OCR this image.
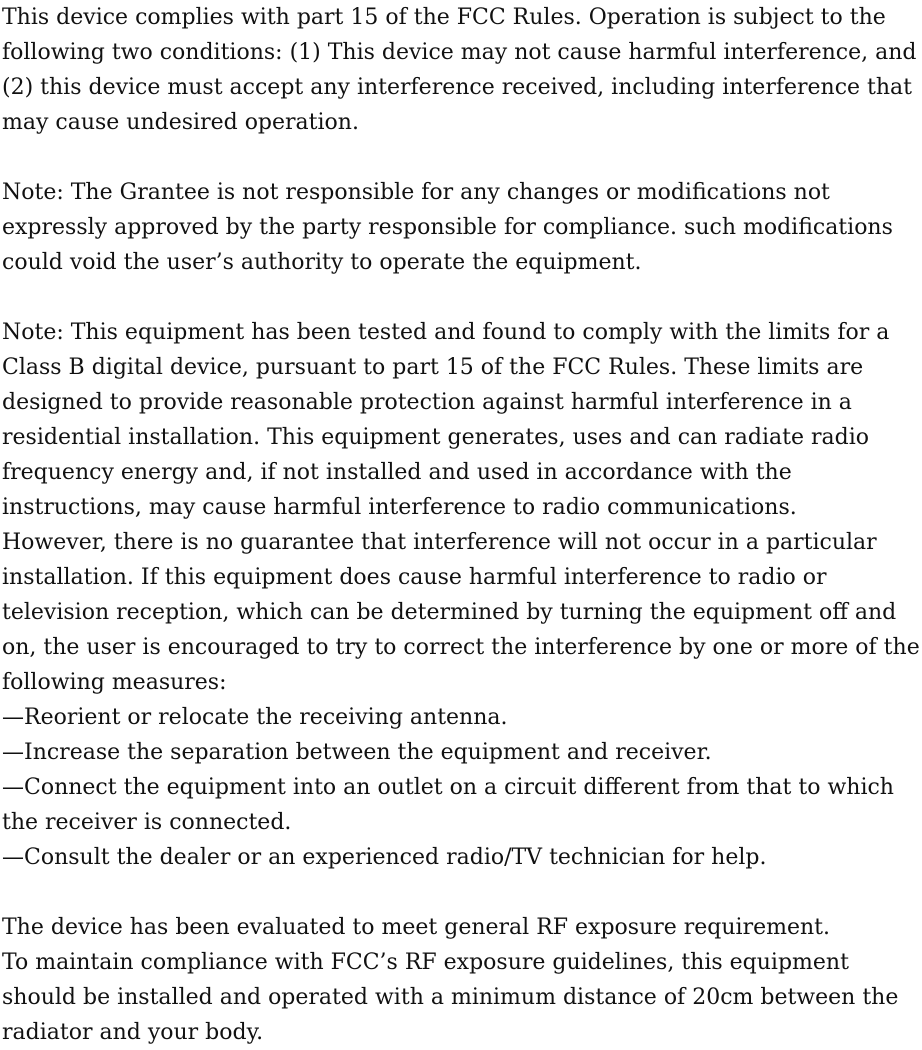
This device complies with part 15 of the FCC Rules. Operation is subject to the
following two conditions: (1) This device may not cause harmful interference, and
(2) this device must accept any interference received, including interference that
may cause undesired operation.
Note: The Grantee is not responsible for any changes or modifications not
expressly approved by the party responsible for compliance. such modifications
could void the user’s authority to operate the equipment.
Note: This equipment has been tested and found to comply with the limits for a
Class B digital device, pursuant to part 15 of the FCC Rules. These limits are
designed to provide reasonable protection against harmful interference in a
residential installation. This equipment generates, uses and can radiate radio
frequency energy and, if not installed and used in accordance with the
instructions, may cause harmful interference to radio communications.
However, there is no guarantee that interference will not occur in a particular
installation. If this equipment does cause harmful interference to radio or
television reception, which can be determined by turning the equipment off and
on, the user is encouraged to try to correct the interference by one or more of the
following measures:
—Reorient or relocate the receiving antenna.
—Increase the separation between the equipment and receiver.
—Connect the equipment into an outlet on a circuit different from that to which
the receiver is connected.
—Consult the dealer or an experienced radio/TV technician for help.
The device has been evaluated to meet general RF exposure requirement.
To maintain compliance with FCC’s RF exposure guidelines, this equipment
should be installed and operated with a minimum distance of 20cm between the
radiator and your body.
